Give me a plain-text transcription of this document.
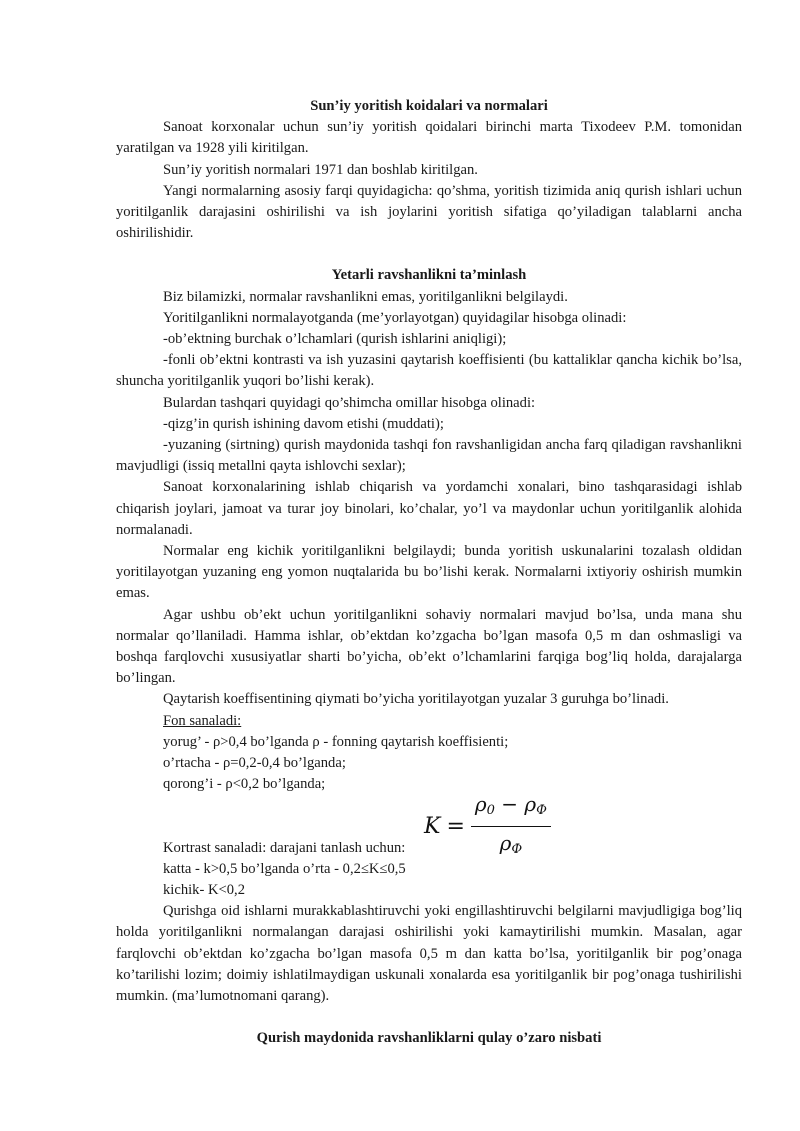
Sun’iy yoritish koidalari va normalari

Sanoat korxonalar uchun sun’iy yoritish qoidalari birinchi marta Tixodeev P.M. tomonidan yaratilgan va 1928 yili kiritilgan.

Sun’iy yoritish normalari 1971 dan boshlab kiritilgan.

Yangi normalarning asosiy farqi quyidagicha: qo’shma, yoritish tizimida aniq qurish ishlari uchun yoritilganlik darajasini oshirilishi va ish joylarini yoritish sifatiga qo’yiladigan talablarni ancha oshirilishidir.

Yetarli ravshanlikni ta’minlash

Biz bilamizki, normalar ravshanlikni emas, yoritilganlikni belgilaydi.

Yoritilganlikni normalayotganda (me’yorlayotgan) quyidagilar hisobga olinadi:

-ob’ektning burchak o’lchamlari (qurish ishlarini aniqligi);

-fonli ob’ektni kontrasti va ish yuzasini qaytarish koeffisienti (bu kattaliklar qancha kichik bo’lsa, shuncha yoritilganlik yuqori bo’lishi kerak).

Bulardan tashqari quyidagi qo’shimcha omillar hisobga olinadi:

-qizg’in qurish ishining davom etishi (muddati);

-yuzaning (sirtning) qurish maydonida tashqi fon ravshanligidan ancha farq qiladigan ravshanlikni mavjudligi (issiq metallni qayta ishlovchi sexlar);

Sanoat korxonalarining ishlab chiqarish va yordamchi xonalari, bino tashqarasidagi ishlab chiqarish joylari, jamoat va turar joy binolari, ko’chalar, yo’l va maydonlar uchun yoritilganlik alohida normalanadi.

Normalar eng kichik yoritilganlikni belgilaydi; bunda yoritish uskunalarini tozalash oldidan yoritilayotgan yuzaning eng yomon nuqtalarida bu bo’lishi kerak. Normalarni ixtiyoriy oshirish mumkin emas.

Agar ushbu ob’ekt uchun yoritilganlikni sohaviy normalari mavjud bo’lsa, unda mana shu normalar qo’llaniladi. Hamma ishlar, ob’ektdan ko’zgacha bo’lgan masofa 0,5 m dan oshmasligi va boshqa farqlovchi xususiyatlar sharti bo’yicha, ob’ekt o’lchamlarini farqiga bog’liq holda, darajalarga bo’lingan.

Qaytarish koeffisentining qiymati bo’yicha yoritilayotgan yuzalar 3 guruhga bo’linadi.

Fon sanaladi:

yorug’ - ρ>0,4 bo’lganda ρ - fonning qaytarish koeffisienti;

o’rtacha - ρ=0,2-0,4 bo’lganda;

qorong’i - ρ<0,2 bo’lganda;

$K = \frac{\rho_0 - \rho_Ф}{\rho_Ф}$

Kortrast sanaladi: darajani tanlash uchun:

katta - k>0,5 bo’lganda o’rta - 0,2≤K≤0,5

kichik- K<0,2

Qurishga oid ishlarni murakkablashtiruvchi yoki engillashtiruvchi belgilarni mavjudligiga bog’liq holda yoritilganlikni normalangan darajasi oshirilishi yoki kamaytirilishi mumkin. Masalan, agar farqlovchi ob’ektdan ko’zgacha bo’lgan masofa 0,5 m dan katta bo’lsa, yoritilganlik bir pog’onaga ko’tarilishi lozim; doimiy ishlatilmaydigan uskunali xonalarda esa yoritilganlik bir pog’onaga tushirilishi mumkin. (ma’lumotnomani qarang).

Qurish maydonida ravshanliklarni qulay o’zaro nisbati
